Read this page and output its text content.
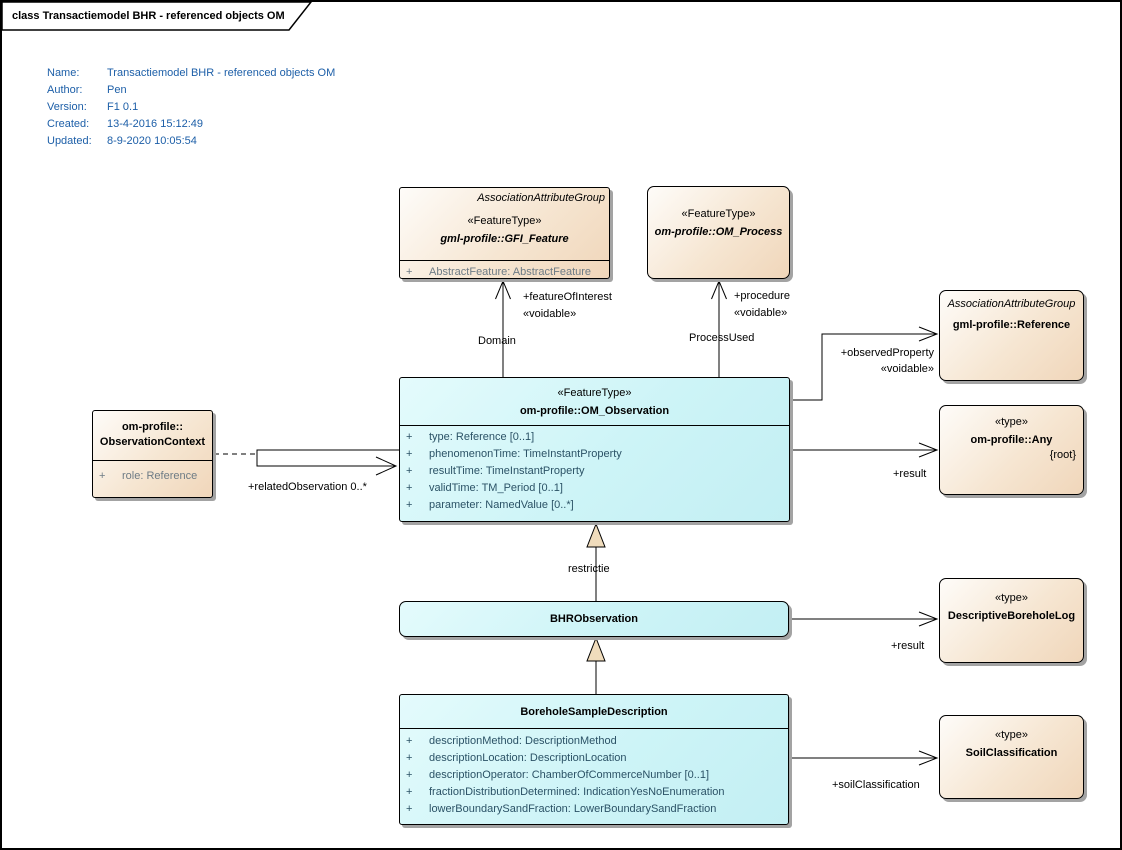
class Transactiemodel BHR - referenced objects OM
Name:	Transactiemodel BHR - referenced objects OM
Author:	Pen
Version:	F1 0.1
Created:	13-4-2016 15:12:49
Updated:	8-9-2020 10:05:54
AssociationAttributeGroup
«FeatureType»
gml-profile::GFI_Feature
+	AbstractFeature: AbstractFeature
«FeatureType»
om-profile::OM_Process
AssociationAttributeGroup
gml-profile::Reference
«FeatureType»
om-profile::OM_Observation
+	type: Reference [0..1]
+	phenomenonTime: TimeInstantProperty
+	resultTime: TimeInstantProperty
+	validTime: TM_Period [0..1]
+	parameter: NamedValue [0..*]
om-profile::
ObservationContext
+	role: Reference
«type»
om-profile::Any
{root}
BHRObservation
«type»
DescriptiveBoreholeLog
BoreholeSampleDescription
+	descriptionMethod: DescriptionMethod
+	descriptionLocation: DescriptionLocation
+	descriptionOperator: ChamberOfCommerceNumber [0..1]
+	fractionDistributionDetermined: IndicationYesNoEnumeration
+	lowerBoundarySandFraction: LowerBoundarySandFraction
«type»
SoilClassification
+featureOfInterest
«voidable»
Domain
+procedure
«voidable»
ProcessUsed
+observedProperty
«voidable»
+result
+relatedObservation 0..*
restrictie
+result
+soilClassification
